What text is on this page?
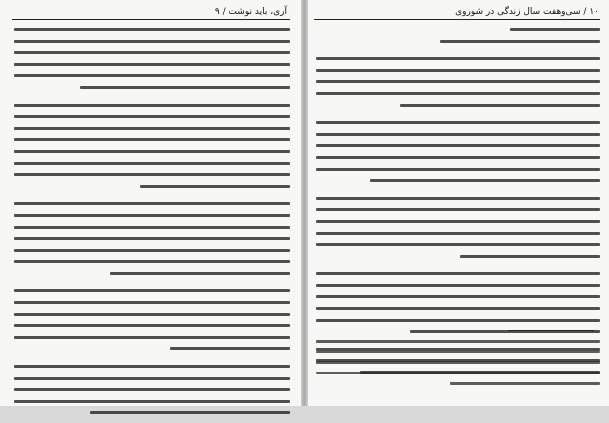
آری، باید نوشت / ۹	۱۰ / سی‌وهفت سال زندگی در شوروی
